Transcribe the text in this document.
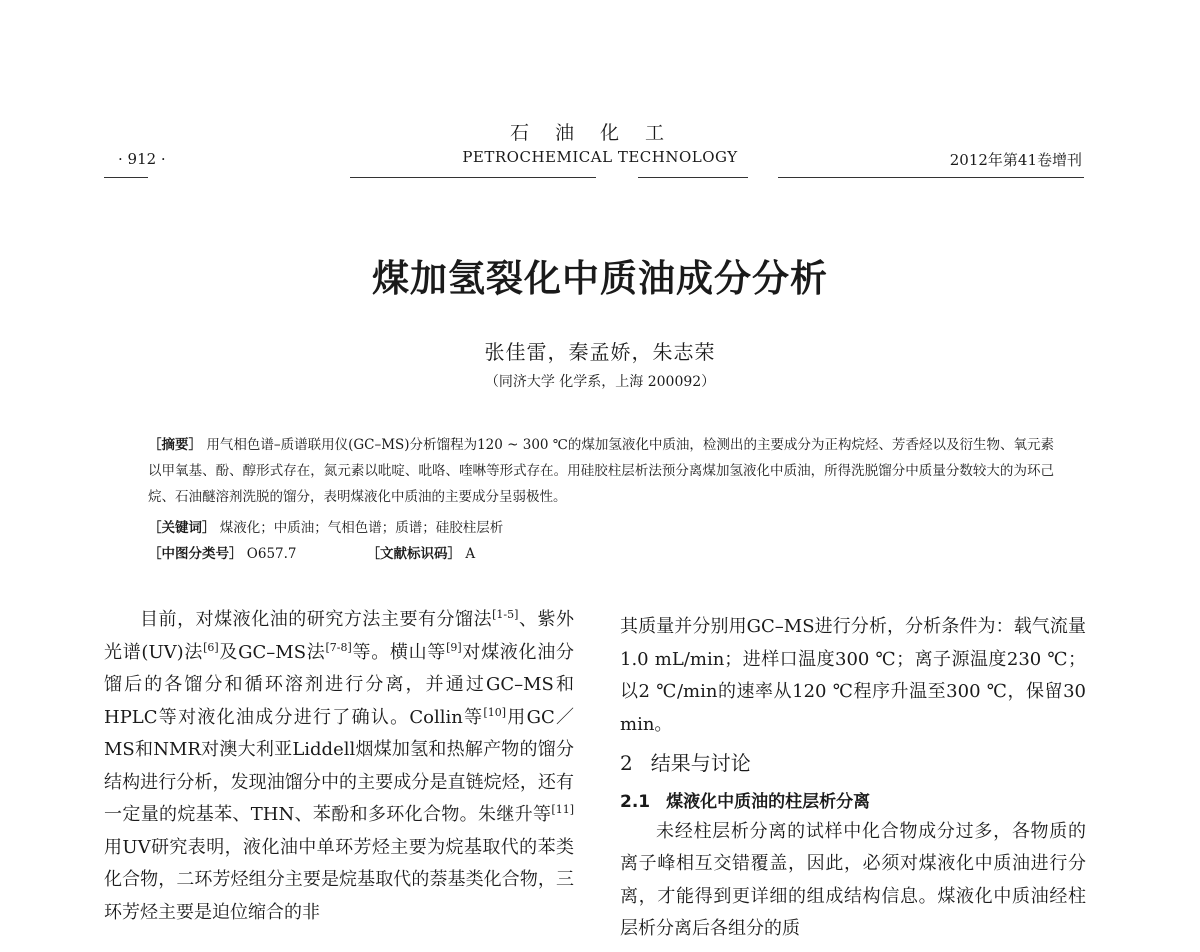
石油化工
PETROCHEMICAL TECHNOLOGY
· 912 ·	2012年第41卷增刊
煤加氢裂化中质油成分分析
张佳雷，秦孟娇，朱志荣
（同济大学 化学系，上海 200092）

［摘要］ 用气相色谱–质谱联用仪(GC–MS)分析馏程为120 ~ 300 ℃的煤加氢液化中质油，检测出的主要成分为正构烷烃、芳香烃以及衍生物、氧元素以甲氧基、酚、醇形式存在，氮元素以吡啶、吡咯、喹啉等形式存在。用硅胶柱层析法预分离煤加氢液化中质油，所得洗脱馏分中质量分数较大的为环己烷、石油醚溶剂洗脱的馏分，表明煤液化中质油的主要成分呈弱极性。

［关键词］ 煤液化；中质油；气相色谱；质谱；硅胶柱层析
［中图分类号］ O657.7	［文献标识码］ A

目前，对煤液化油的研究方法主要有分馏法[1-5]、紫外光谱(UV)法[6]及GC–MS法[7-8]等。横山等[9]对煤液化油分馏后的各馏分和循环溶剂进行分离，并通过GC–MS和HPLC等对液化油成分进行了确认。Collin等[10]用GC／MS和NMR对澳大利亚Liddell烟煤加氢和热解产物的馏分结构进行分析，发现油馏分中的主要成分是直链烷烃，还有一定量的烷基苯、THN、苯酚和多环化合物。朱继升等[11]用UV研究表明，液化油中单环芳烃主要为烷基取代的苯类化合物，二环芳烃组分主要是烷基取代的萘基类化合物，三环芳烃主要是迫位缩合的非

其质量并分别用GC–MS进行分析，分析条件为：载气流量1.0 mL/min；进样口温度300 ℃；离子源温度230 ℃；以2 ℃/min的速率从120 ℃程序升温至300 ℃，保留30 min。

2 结果与讨论

2.1 煤液化中质油的柱层析分离

未经柱层析分离的试样中化合物成分过多，各物质的离子峰相互交错覆盖，因此，必须对煤液化中质油进行分离，才能得到更详细的组成结构信息。煤液化中质油经柱层析分离后各组分的质
